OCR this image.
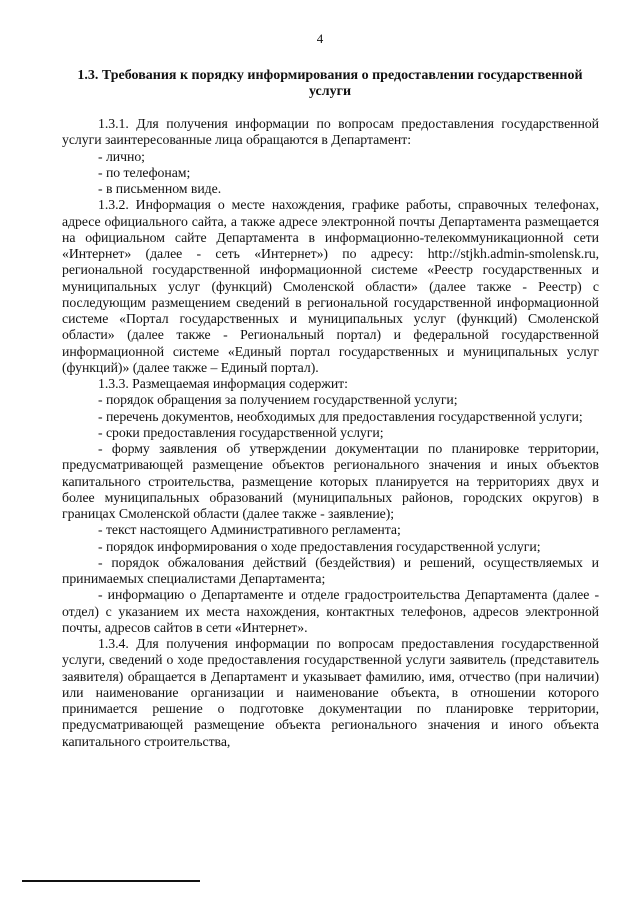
4
1.3. Требования к порядку информирования о предоставлении государственной услуги

1.3.1. Для получения информации по вопросам предоставления государственной услуги заинтересованные лица обращаются в Департамент:

- лично;

- по телефонам;

- в письменном виде.

1.3.2. Информация о месте нахождения, графике работы, справочных телефонах, адресе официального сайта, а также адресе электронной почты Департамента размещается на официальном сайте Департамента в информационно-телекоммуникационной сети «Интернет» (далее - сеть «Интернет») по адресу: http://stjkh.admin-smolensk.ru, региональной государственной информационной системе «Реестр государственных и муниципальных услуг (функций) Смоленской области» (далее также - Реестр) с последующим размещением сведений в региональной государственной информационной системе «Портал государственных и муниципальных услуг (функций) Смоленской области» (далее также - Региональный портал) и федеральной государственной информационной системе «Единый портал государственных и муниципальных услуг (функций)» (далее также – Единый портал).

1.3.3. Размещаемая информация содержит:

- порядок обращения за получением государственной услуги;

- перечень документов, необходимых для предоставления государственной услуги;

- сроки предоставления государственной услуги;

- форму заявления об утверждении документации по планировке территории, предусматривающей размещение объектов регионального значения и иных объектов капитального строительства, размещение которых планируется на территориях двух и более муниципальных образований (муниципальных районов, городских округов) в границах Смоленской области (далее также - заявление);

- текст настоящего Административного регламента;

- порядок информирования о ходе предоставления государственной услуги;

- порядок обжалования действий (бездействия) и решений, осуществляемых и принимаемых специалистами Департамента;

- информацию о Департаменте и отделе градостроительства Департамента (далее - отдел) с указанием их места нахождения, контактных телефонов, адресов электронной почты, адресов сайтов в сети «Интернет».

1.3.4. Для получения информации по вопросам предоставления государственной услуги, сведений о ходе предоставления государственной услуги заявитель (представитель заявителя) обращается в Департамент и указывает фамилию, имя, отчество (при наличии) или наименование организации и наименование объекта, в отношении которого принимается решение о подготовке документации по планировке территории, предусматривающей размещение объекта регионального значения и иного объекта капитального строительства,
